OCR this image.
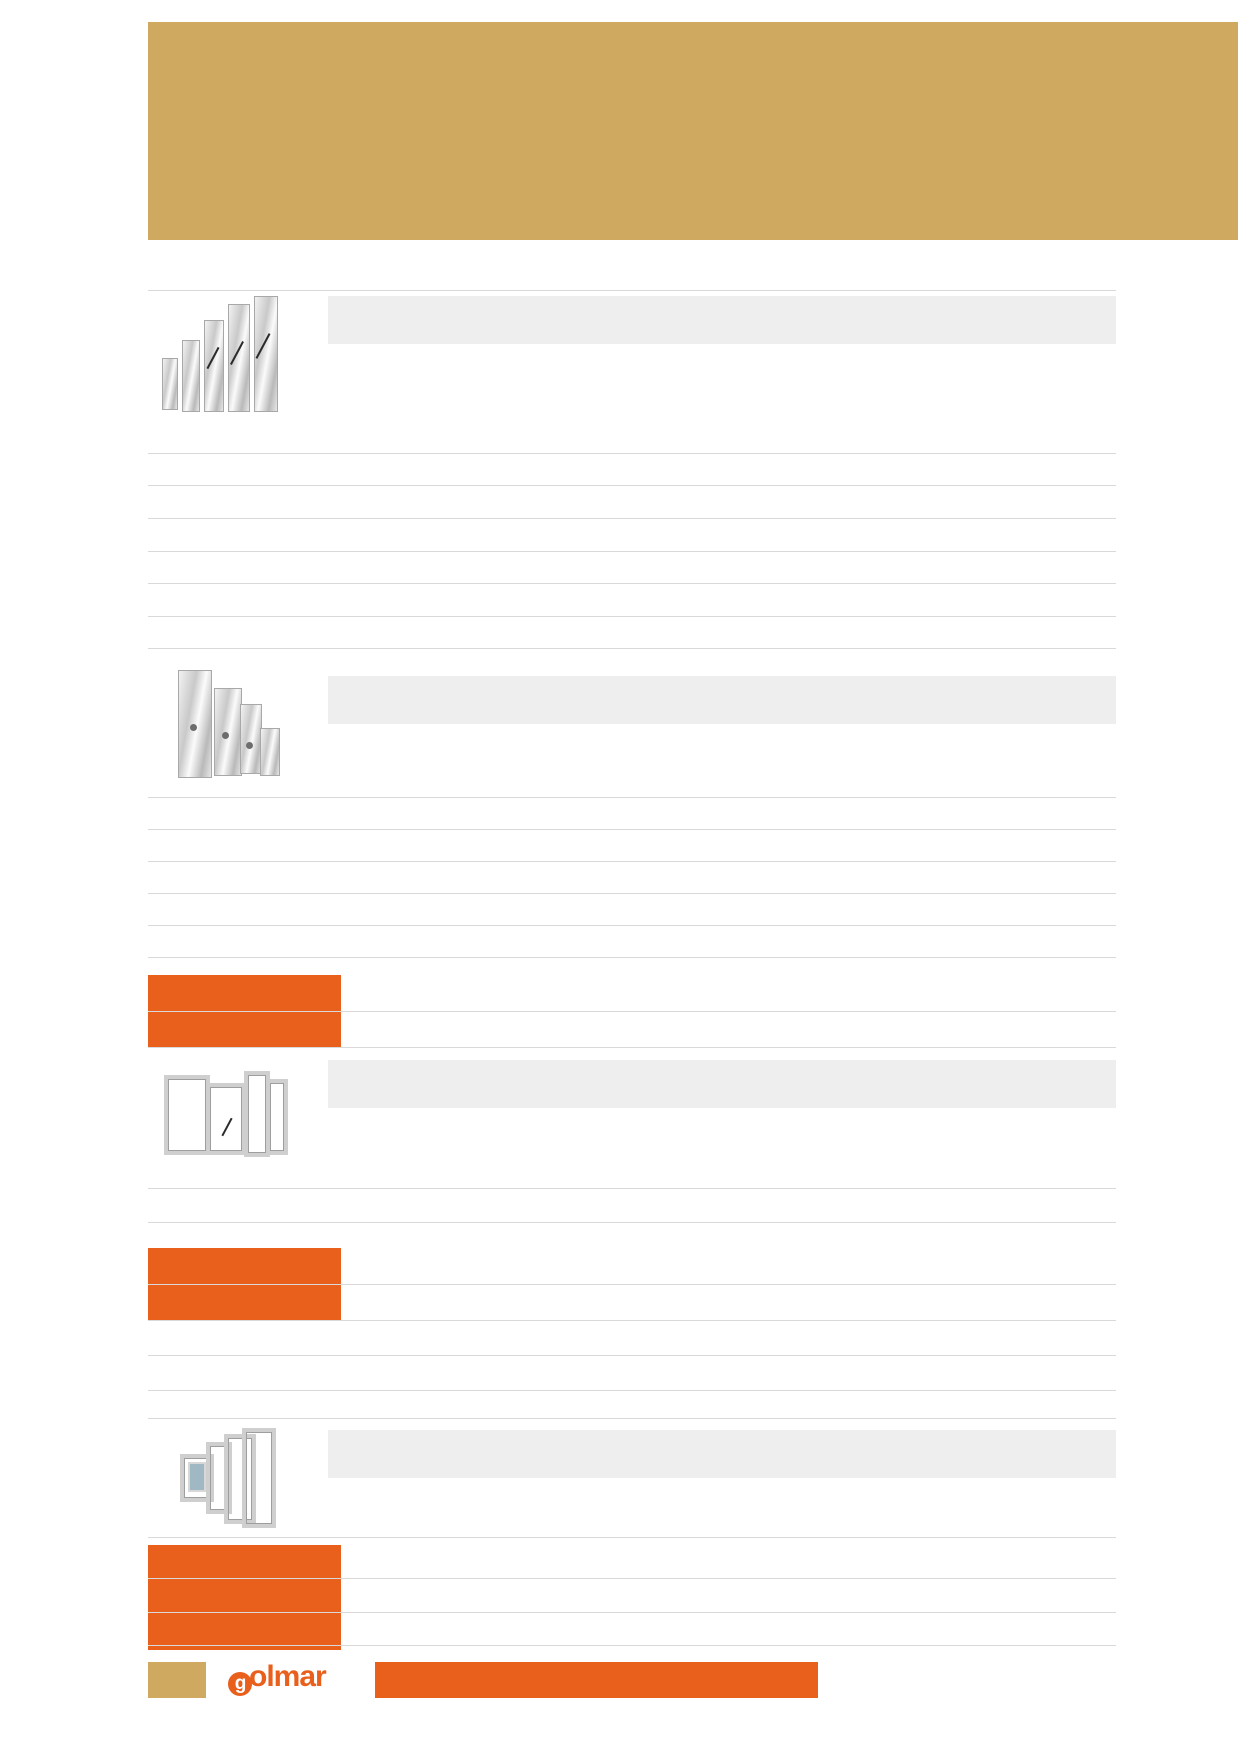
g olmar
